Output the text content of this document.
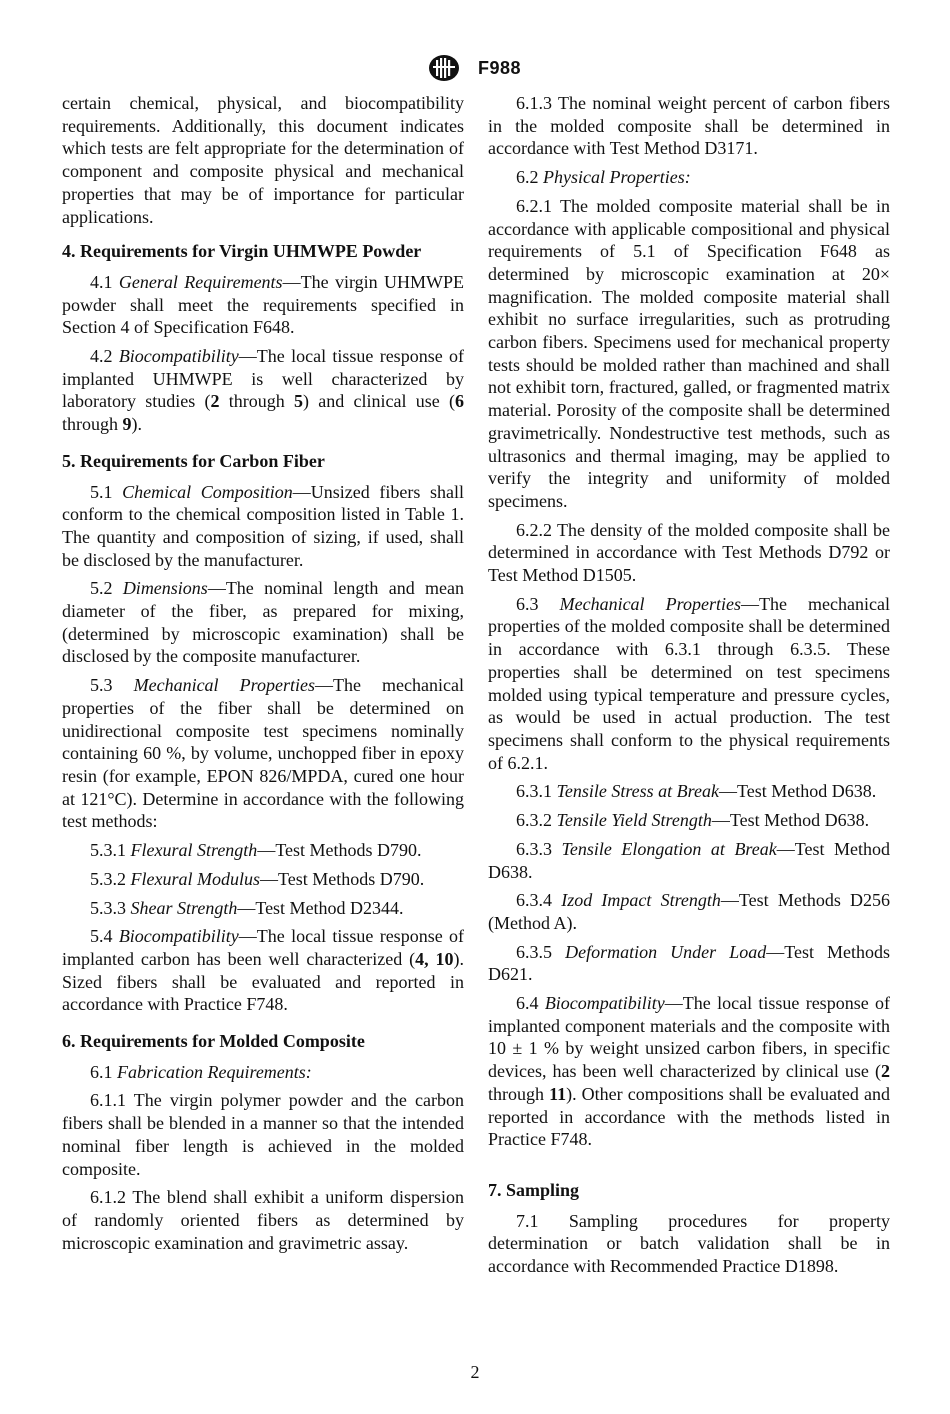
F988

certain chemical, physical, and biocompatibility requirements. Additionally, this document indicates which tests are felt appropriate for the determination of component and composite physical and mechanical properties that may be of importance for particular applications.

4. Requirements for Virgin UHMWPE Powder

4.1 General Requirements—The virgin UHMWPE powder shall meet the requirements specified in Section 4 of Specification F648.

4.2 Biocompatibility—The local tissue response of implanted UHMWPE is well characterized by laboratory studies (2 through 5) and clinical use (6 through 9).

5. Requirements for Carbon Fiber

5.1 Chemical Composition—Unsized fibers shall conform to the chemical composition listed in Table 1. The quantity and composition of sizing, if used, shall be disclosed by the manufacturer.

5.2 Dimensions—The nominal length and mean diameter of the fiber, as prepared for mixing, (determined by microscopic examination) shall be disclosed by the composite manufacturer.

5.3 Mechanical Properties—The mechanical properties of the fiber shall be determined on unidirectional composite test specimens nominally containing 60 %, by volume, unchopped fiber in epoxy resin (for example, EPON 826/MPDA, cured one hour at 121°C). Determine in accordance with the following test methods:

5.3.1 Flexural Strength—Test Methods D790.

5.3.2 Flexural Modulus—Test Methods D790.

5.3.3 Shear Strength—Test Method D2344.

5.4 Biocompatibility—The local tissue response of implanted carbon has been well characterized (4, 10). Sized fibers shall be evaluated and reported in accordance with Practice F748.

6. Requirements for Molded Composite

6.1 Fabrication Requirements:

6.1.1 The virgin polymer powder and the carbon fibers shall be blended in a manner so that the intended nominal fiber length is achieved in the molded composite.

6.1.2 The blend shall exhibit a uniform dispersion of randomly oriented fibers as determined by microscopic examination and gravimetric assay.

6.1.3 The nominal weight percent of carbon fibers in the molded composite shall be determined in accordance with Test Method D3171.

6.2 Physical Properties:

6.2.1 The molded composite material shall be in accordance with applicable compositional and physical requirements of 5.1 of Specification F648 as determined by microscopic examination at 20× magnification. The molded composite material shall exhibit no surface irregularities, such as protruding carbon fibers. Specimens used for mechanical property tests should be molded rather than machined and shall not exhibit torn, fractured, galled, or fragmented matrix material. Porosity of the composite shall be determined gravimetrically. Nondestructive test methods, such as ultrasonics and thermal imaging, may be applied to verify the integrity and uniformity of molded specimens.

6.2.2 The density of the molded composite shall be determined in accordance with Test Methods D792 or Test Method D1505.

6.3 Mechanical Properties—The mechanical properties of the molded composite shall be determined in accordance with 6.3.1 through 6.3.5. These properties shall be determined on test specimens molded using typical temperature and pressure cycles, as would be used in actual production. The test specimens shall conform to the physical requirements of 6.2.1.

6.3.1 Tensile Stress at Break—Test Method D638.

6.3.2 Tensile Yield Strength—Test Method D638.

6.3.3 Tensile Elongation at Break—Test Method D638.

6.3.4 Izod Impact Strength—Test Methods D256 (Method A).

6.3.5 Deformation Under Load—Test Methods D621.

6.4 Biocompatibility—The local tissue response of implanted component materials and the composite with 10 ± 1 % by weight unsized carbon fibers, in specific devices, has been well characterized by clinical use (2 through 11). Other compositions shall be evaluated and reported in accordance with the methods listed in Practice F748.

7. Sampling

7.1 Sampling procedures for property determination or batch validation shall be in accordance with Recommended Practice D1898.

2
